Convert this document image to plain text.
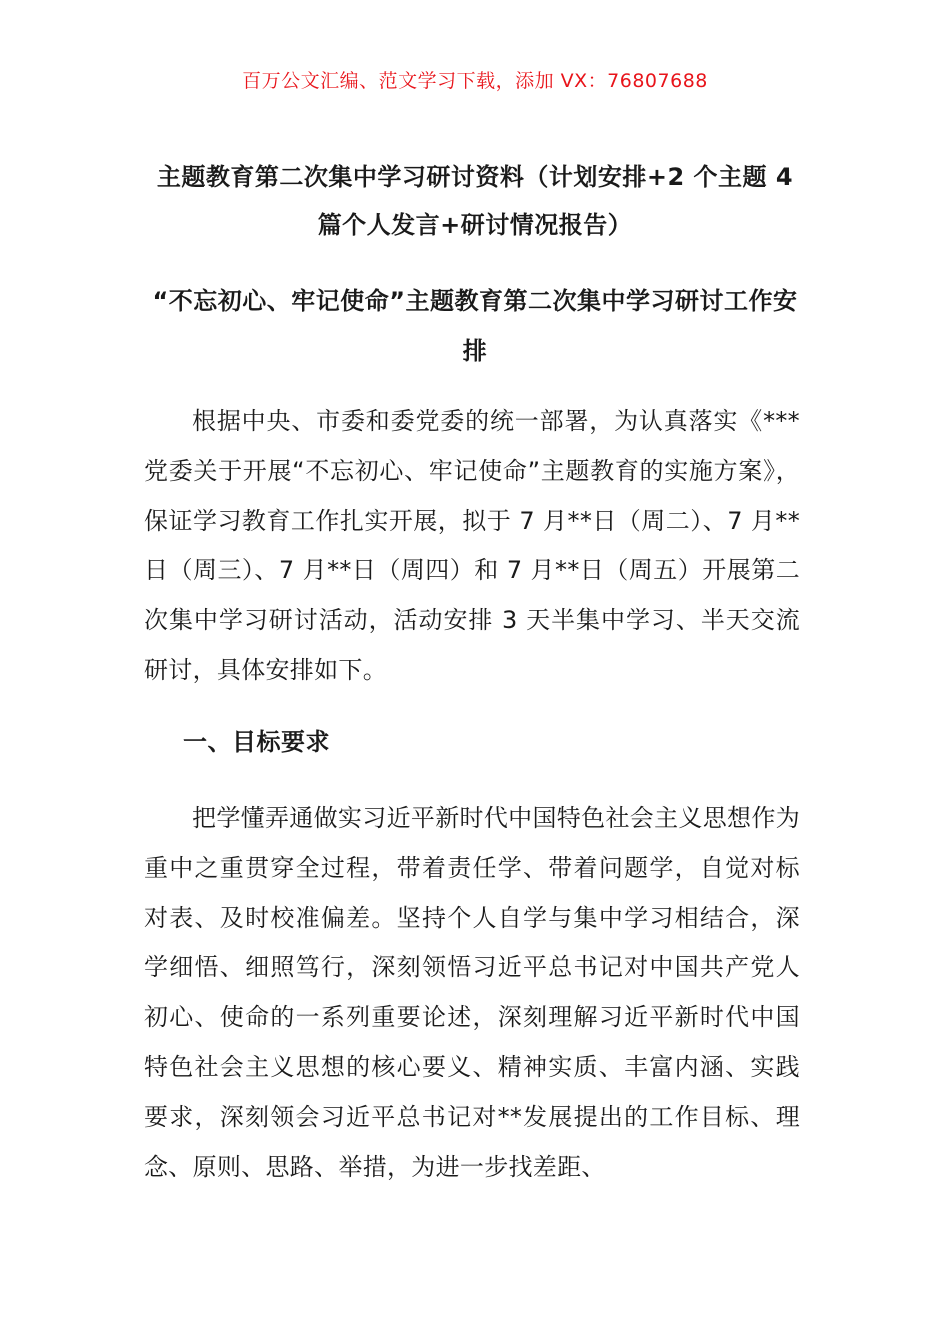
百万公文汇编、范文学习下载，添加 VX：76807688
主题教育第二次集中学习研讨资料（计划安排+2 个主题 4 篇个人发言+研讨情况报告）
“不忘初心、牢记使命”主题教育第二次集中学习研讨工作安排

根据中央、市委和委党委的统一部署，为认真落实《***党委关于开展“不忘初心、牢记使命”主题教育的实施方案》，保证学习教育工作扎实开展，拟于 7 月**日（周二）、7 月**日（周三）、7 月**日（周四）和 7 月**日（周五）开展第二次集中学习研讨活动，活动安排 3 天半集中学习、半天交流研讨，具体安排如下。

一、目标要求

把学懂弄通做实习近平新时代中国特色社会主义思想作为重中之重贯穿全过程，带着责任学、带着问题学，自觉对标对表、及时校准偏差。坚持个人自学与集中学习相结合，深学细悟、细照笃行，深刻领悟习近平总书记对中国共产党人初心、使命的一系列重要论述，深刻理解习近平新时代中国特色社会主义思想的核心要义、精神实质、丰富内涵、实践要求，深刻领会习近平总书记对**发展提出的工作目标、理念、原则、思路、举措，为进一步找差距、
